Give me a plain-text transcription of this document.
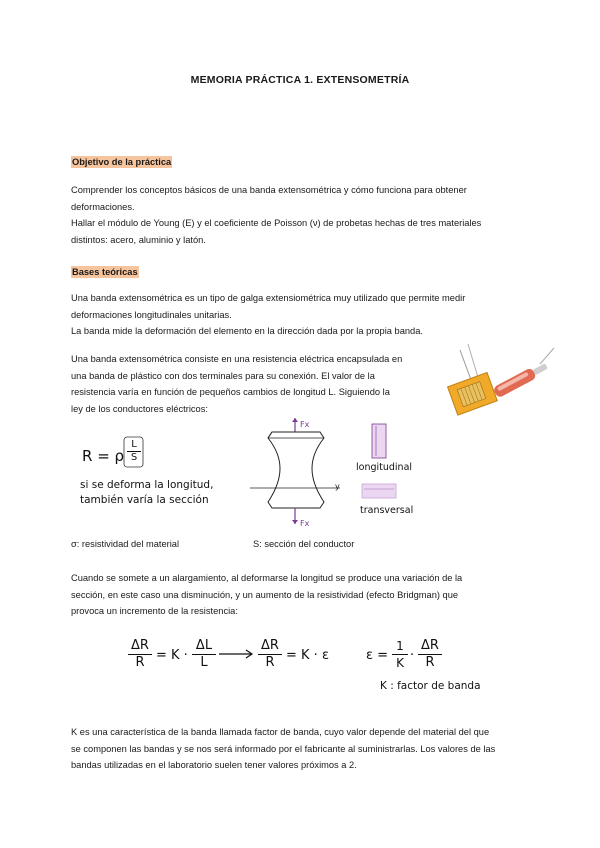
MEMORIA PRÁCTICA 1. EXTENSOMETRÍA
Objetivo de la práctica

Comprender los conceptos básicos de una banda extensométrica y cómo funciona para obtener

deformaciones.

Hallar el módulo de Young (E) y el coeficiente de Poisson (ν) de probetas hechas de tres materiales

distintos: acero, aluminio y latón.

Bases teóricas

Una banda extensométrica es un tipo de galga extensiométrica muy utilizado que permite medir

deformaciones longitudinales unitarias.

La banda mide la deformación del elemento en la dirección dada por la propia banda.

Una banda extensométrica consiste en una resistencia eléctrica encapsulada en

una banda de plástico con dos terminales para su conexión. El valor de la

resistencia varía en función de pequeños cambios de longitud L. Siguiendo la

ley de los conductores eléctricos:

R = ρ $\frac{L}{S}$
si se deforma la longitud,
también varía la sección
Fx
Fx
y
longitudinal
transversal
σ: resistividad del material	S: sección del conductor

Cuando se somete a un alargamiento, al deformarse la longitud se produce una variación de la

sección, en este caso una disminución, y un aumento de la resistividad (efecto Bridgman) que

provoca un incremento de la resistencia:

$\frac{\Delta R}{R} = K \cdot \frac{\Delta L}{L}$	$\frac{\Delta R}{R} = K \cdot \varepsilon$	$\varepsilon = \frac{1}{K} \cdot \frac{\Delta R}{R}$
K : factor de banda

K es una característica de la banda llamada factor de banda, cuyo valor depende del material del que

se componen las bandas y se nos será informado por el fabricante al suministrarlas. Los valores de las

bandas utilizadas en el laboratorio suelen tener valores próximos a 2.
